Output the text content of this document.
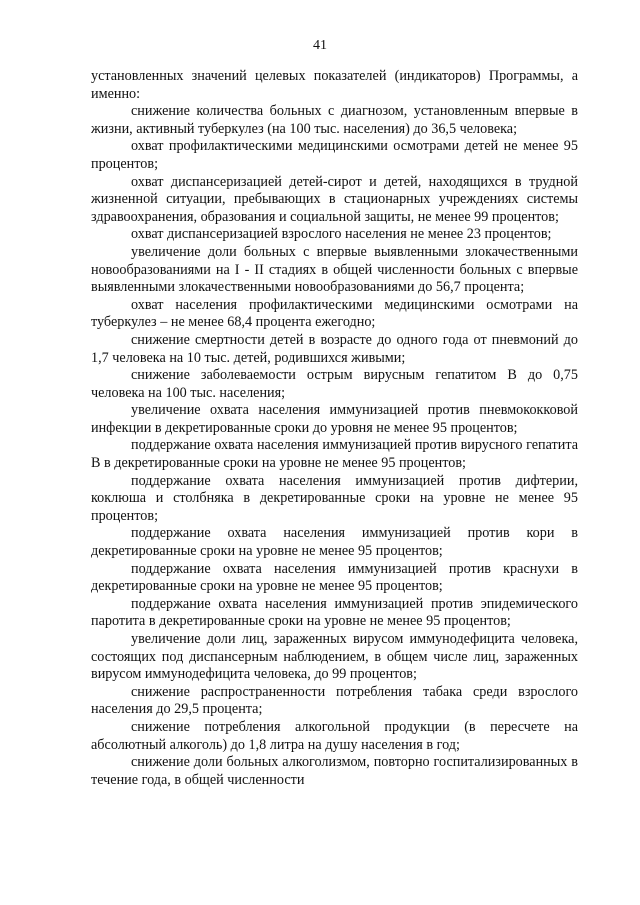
41

установленных значений целевых показателей (индикаторов) Программы, а именно:

снижение количества больных с диагнозом, установленным впервые в жизни, активный туберкулез (на 100 тыс. населения) до 36,5 человека;

охват профилактическими медицинскими осмотрами детей не менее 95 процентов;

охват диспансеризацией детей-сирот и детей, находящихся в трудной жизненной ситуации, пребывающих в стационарных учреждениях системы здравоохранения, образования и социальной защиты, не менее 99 процентов;

охват диспансеризацией взрослого населения не менее 23 процентов;

увеличение доли больных с впервые выявленными злокачественными новообразованиями на I - II стадиях в общей численности больных с впервые выявленными злокачественными новообразованиями до 56,7 процента;

охват населения профилактическими медицинскими осмотрами на туберкулез – не менее 68,4 процента ежегодно;

снижение смертности детей в возрасте до одного года от пневмоний до 1,7 человека на 10 тыс. детей, родившихся живыми;

снижение заболеваемости острым вирусным гепатитом B до 0,75 человека на 100 тыс. населения;

увеличение охвата населения иммунизацией против пневмококковой инфекции в декретированные сроки до уровня не менее 95 процентов;

поддержание охвата населения иммунизацией против вирусного гепатита B в декретированные сроки на уровне не менее 95 процентов;

поддержание охвата населения иммунизацией против дифтерии, коклюша и столбняка в декретированные сроки на уровне не менее 95 процентов;

поддержание охвата населения иммунизацией против кори в декретированные сроки на уровне не менее 95 процентов;

поддержание охвата населения иммунизацией против краснухи в декретированные сроки на уровне не менее 95 процентов;

поддержание охвата населения иммунизацией против эпидемического паротита в декретированные сроки на уровне не менее 95 процентов;

увеличение доли лиц, зараженных вирусом иммунодефицита человека, состоящих под диспансерным наблюдением, в общем числе лиц, зараженных вирусом иммунодефицита человека, до 99 процентов;

снижение распространенности потребления табака среди взрослого населения до 29,5 процента;

снижение потребления алкогольной продукции (в пересчете на абсолютный алкоголь) до 1,8 литра на душу населения в год;

снижение доли больных алкоголизмом, повторно госпитализированных в течение года, в общей численности
